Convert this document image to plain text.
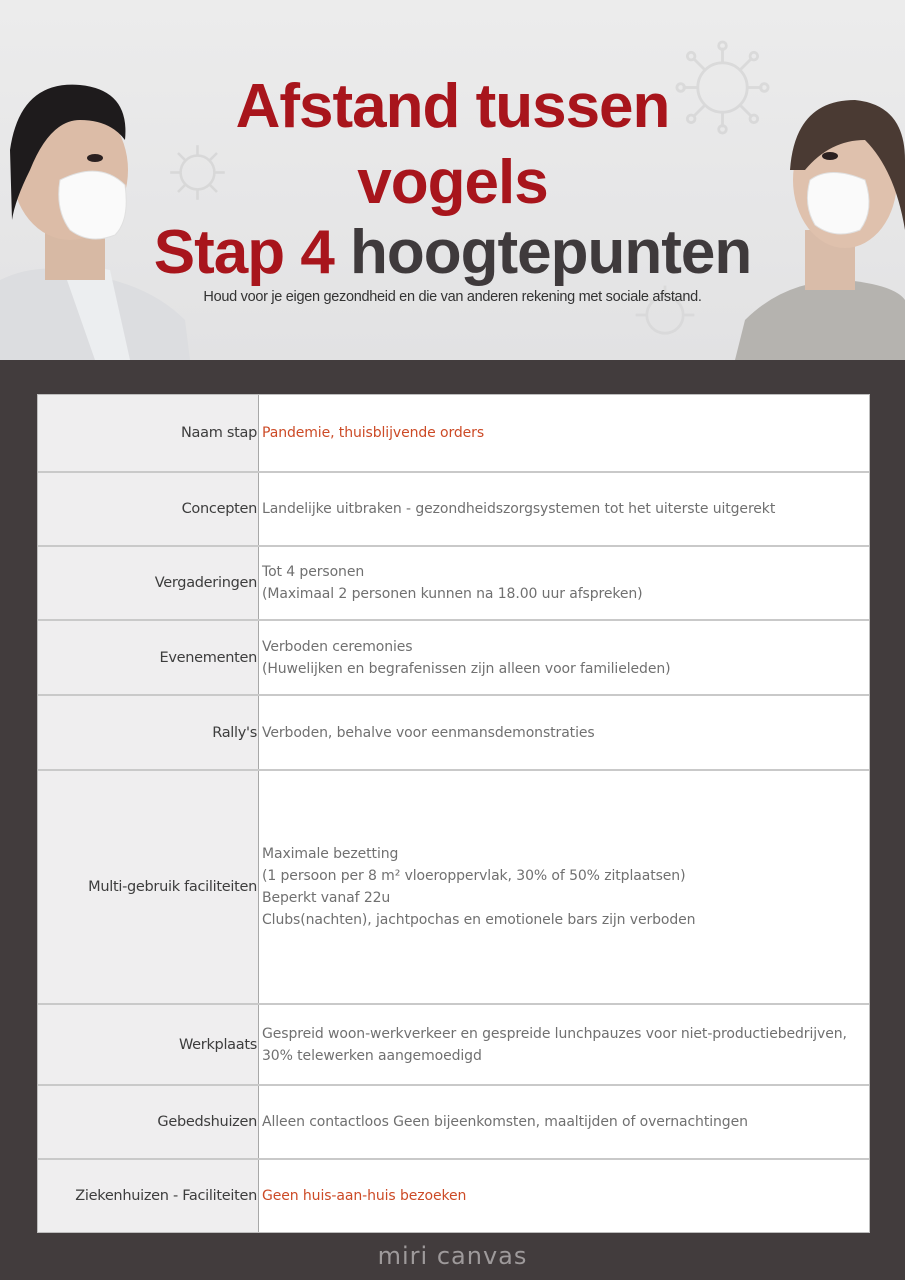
Afstand tussen
vogels
Stap 4 hoogtepunten
Houd voor je eigen gezondheid en die van anderen rekening met sociale afstand.
Naam stap Pandemie, thuisblijvende orders
Concepten Landelijke uitbraken - gezondheidszorgsystemen tot het uiterste uitgerekt
Vergaderingen
Tot 4 personen
(Maximaal 2 personen kunnen na 18.00 uur afspreken)
Evenementen
Verboden ceremonies
(Huwelijken en begrafenissen zijn alleen voor familieleden)
Rally's Verboden, behalve voor eenmansdemonstraties
Multi-gebruik faciliteiten
Maximale bezetting
(1 persoon per 8 m² vloeroppervlak, 30% of 50% zitplaatsen)
Beperkt vanaf 22u
Clubs(nachten), jachtpochas en emotionele bars zijn verboden
Werkplaats
Gespreid woon-werkverkeer en gespreide lunchpauzes voor niet-productiebedrijven,
30% telewerken aangemoedigd
Gebedshuizen Alleen contactloos Geen bijeenkomsten, maaltijden of overnachtingen
Ziekenhuizen - Faciliteiten Geen huis-aan-huis bezoeken
miri canvas
